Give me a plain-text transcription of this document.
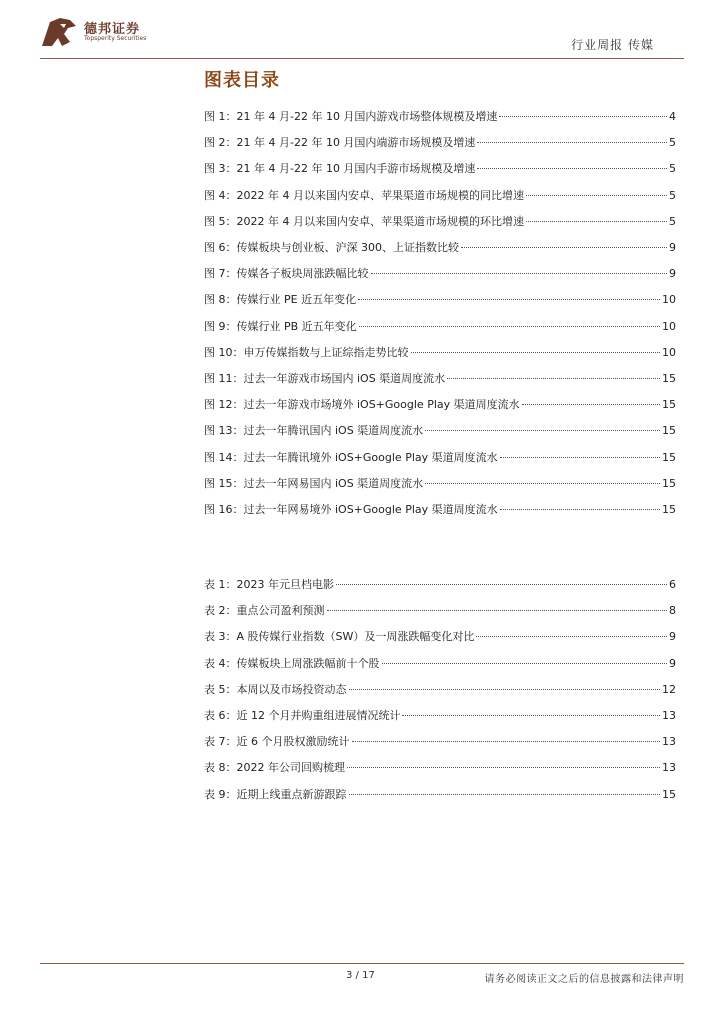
德邦证券
Topsperity Securities	行业周报 传媒
图表目录
图 1：21 年 4 月-22 年 10 月国内游戏市场整体规模及增速	4
图 2：21 年 4 月-22 年 10 月国内端游市场规模及增速	5
图 3：21 年 4 月-22 年 10 月国内手游市场规模及增速	5
图 4：2022 年 4 月以来国内安卓、苹果渠道市场规模的同比增速	5
图 5：2022 年 4 月以来国内安卓、苹果渠道市场规模的环比增速	5
图 6：传媒板块与创业板、沪深 300、上证指数比较	9
图 7：传媒各子板块周涨跌幅比较	9
图 8：传媒行业 PE 近五年变化	10
图 9：传媒行业 PB 近五年变化	10
图 10：申万传媒指数与上证综指走势比较	10
图 11：过去一年游戏市场国内 iOS 渠道周度流水	15
图 12：过去一年游戏市场境外 iOS+Google Play 渠道周度流水	15
图 13：过去一年腾讯国内 iOS 渠道周度流水	15
图 14：过去一年腾讯境外 iOS+Google Play 渠道周度流水	15
图 15：过去一年网易国内 iOS 渠道周度流水	15
图 16：过去一年网易境外 iOS+Google Play 渠道周度流水	15
表 1：2023 年元旦档电影	6
表 2：重点公司盈利预测	8
表 3：A 股传媒行业指数（SW）及一周涨跌幅变化对比	9
表 4：传媒板块上周涨跌幅前十个股	9
表 5：本周以及市场投资动态	12
表 6：近 12 个月并购重组进展情况统计	13
表 7：近 6 个月股权激励统计	13
表 8：2022 年公司回购梳理	13
表 9：近期上线重点新游跟踪	15
3 / 17	请务必阅读正文之后的信息披露和法律声明
